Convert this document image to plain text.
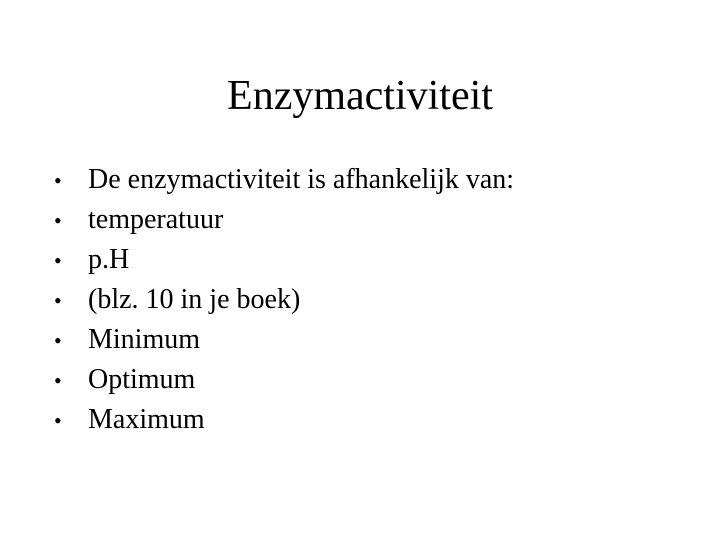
Enzymactiviteit
• De enzymactiviteit is afhankelijk van:
• temperatuur
• p.H
• (blz. 10 in je boek)
• Minimum
• Optimum
• Maximum
